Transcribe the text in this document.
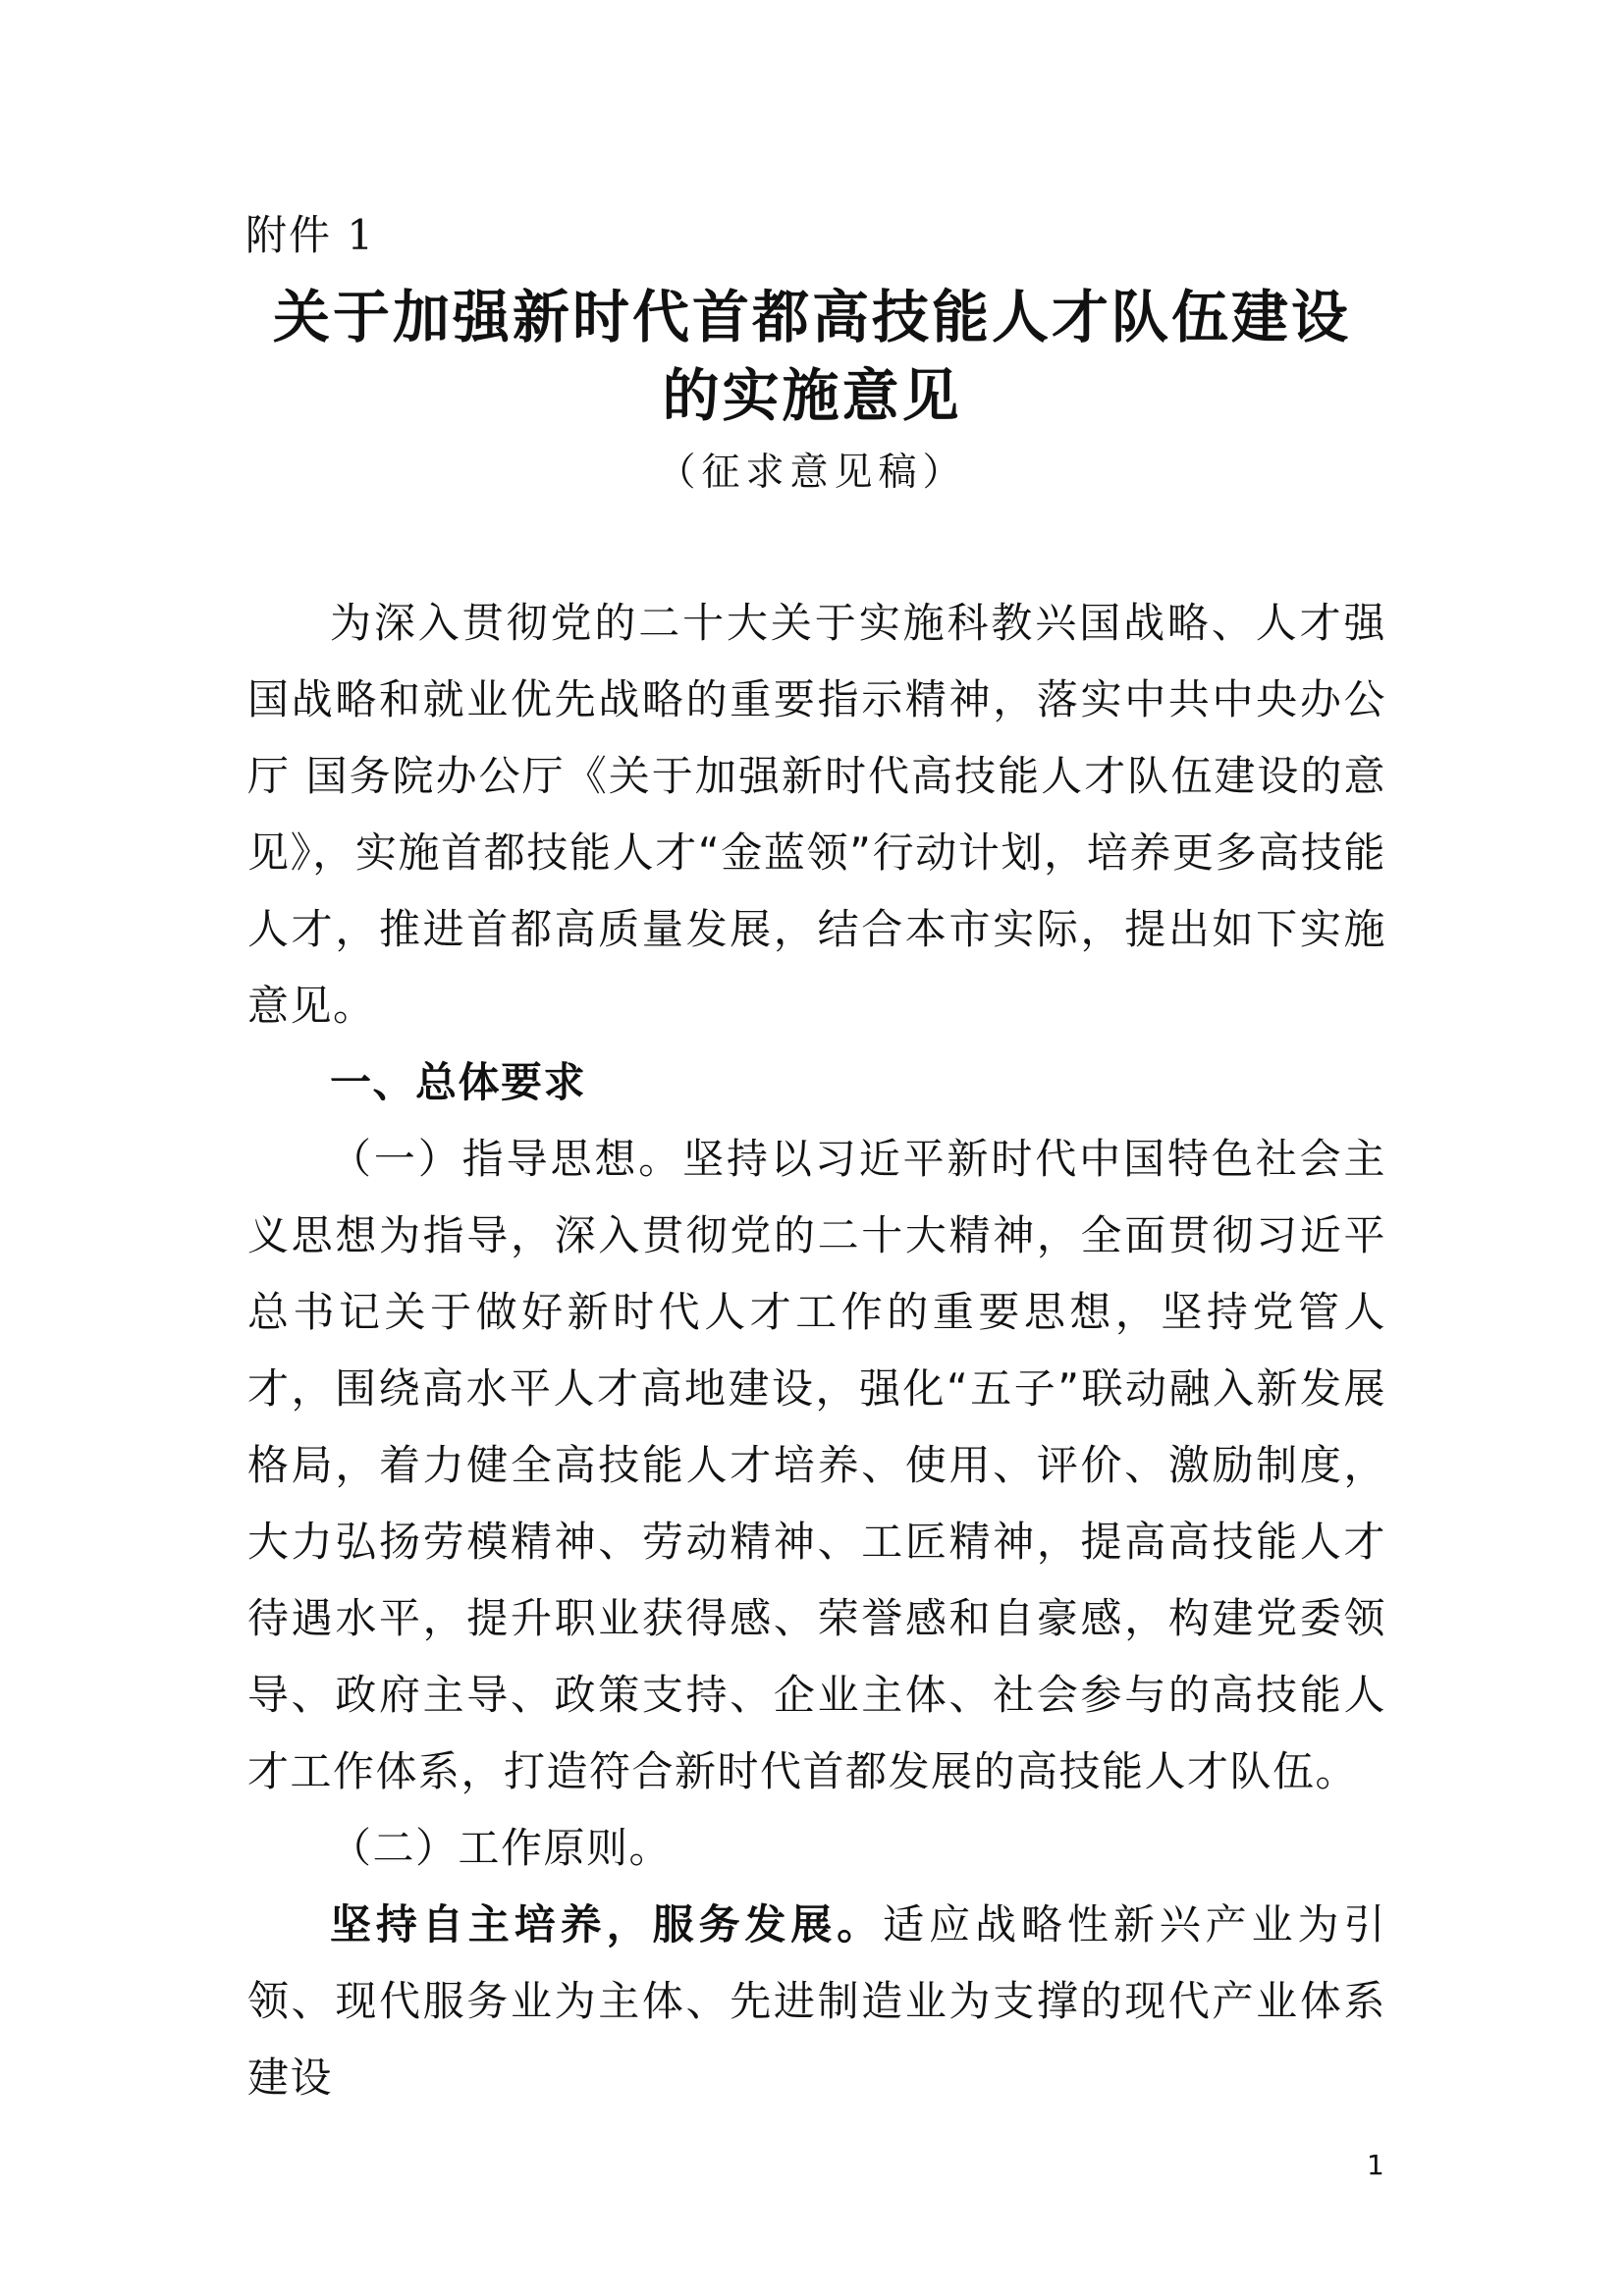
附件 1
关于加强新时代首都高技能人才队伍建设
的实施意见
（征求意见稿）
为深入贯彻党的二十大关于实施科教兴国战略、人才强国战略和就业优先战略的重要指示精神，落实中共中央办公厅 国务院办公厅《关于加强新时代高技能人才队伍建设的意见》，实施首都技能人才“金蓝领”行动计划，培养更多高技能人才，推进首都高质量发展，结合本市实际，提出如下实施意见。
一、总体要求
（一）指导思想。坚持以习近平新时代中国特色社会主义思想为指导，深入贯彻党的二十大精神，全面贯彻习近平总书记关于做好新时代人才工作的重要思想，坚持党管人才，围绕高水平人才高地建设，强化“五子”联动融入新发展格局，着力健全高技能人才培养、使用、评价、激励制度，大力弘扬劳模精神、劳动精神、工匠精神，提高高技能人才待遇水平，提升职业获得感、荣誉感和自豪感，构建党委领导、政府主导、政策支持、企业主体、社会参与的高技能人才工作体系，打造符合新时代首都发展的高技能人才队伍。
（二）工作原则。
坚持自主培养，服务发展。适应战略性新兴产业为引领、现代服务业为主体、先进制造业为支撑的现代产业体系建设
1
